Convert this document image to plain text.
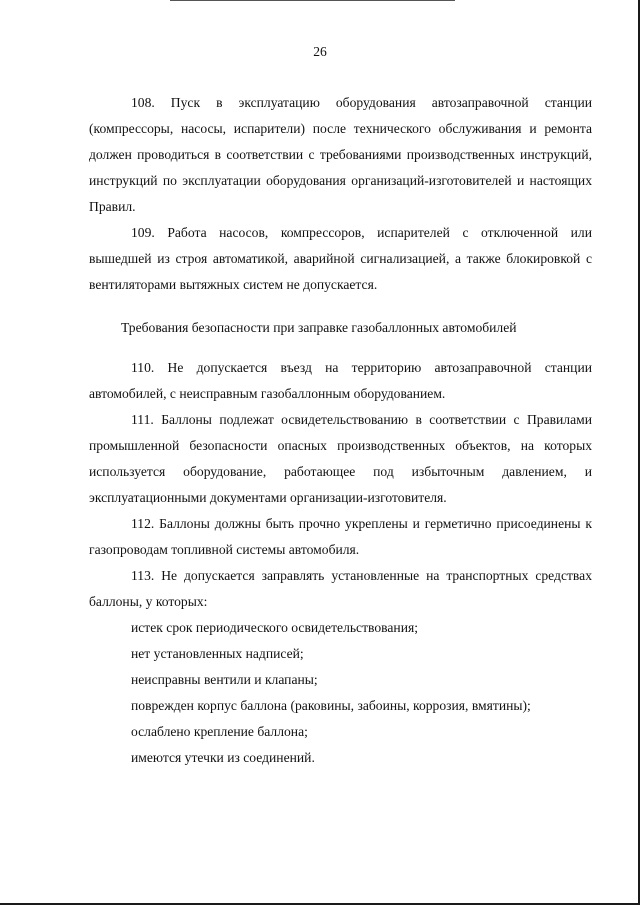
26

108. Пуск в эксплуатацию оборудования автозаправочной станции (компрессоры, насосы, испарители) после технического обслуживания и ремонта должен проводиться в соответствии с требованиями производственных инструкций, инструкций по эксплуатации оборудования организаций-изготовителей и настоящих Правил.

109. Работа насосов, компрессоров, испарителей с отключенной или вышедшей из строя автоматикой, аварийной сигнализацией, а также блокировкой с вентиляторами вытяжных систем не допускается.

Требования безопасности при заправке газобаллонных автомобилей

110. Не допускается въезд на территорию автозаправочной станции автомобилей, с неисправным газобаллонным оборудованием.

111. Баллоны подлежат освидетельствованию в соответствии с Правилами промышленной безопасности опасных производственных объектов, на которых используется оборудование, работающее под избыточным давлением, и эксплуатационными документами организации-изготовителя.

112. Баллоны должны быть прочно укреплены и герметично присоединены к газопроводам топливной системы автомобиля.

113. Не допускается заправлять установленные на транспортных средствах баллоны, у которых:

истек срок периодического освидетельствования;
нет установленных надписей;
неисправны вентили и клапаны;
поврежден корпус баллона (раковины, забоины, коррозия, вмятины);
ослаблено крепление баллона;
имеются утечки из соединений.
